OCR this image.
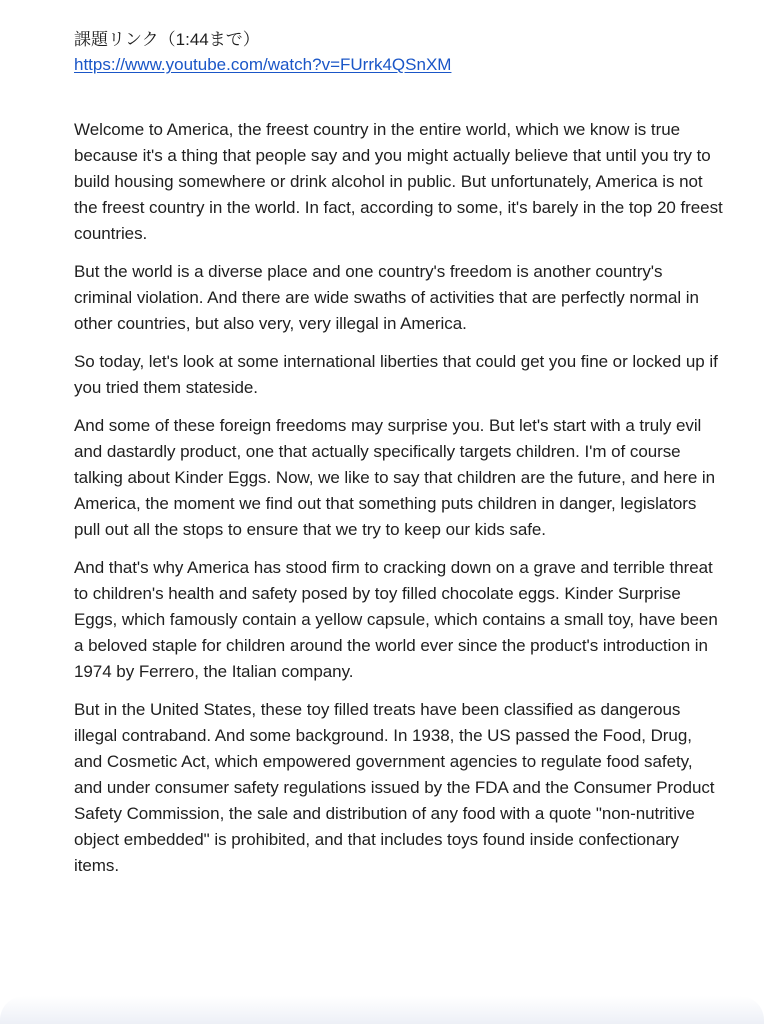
課題リンク（1:44まで）

https://www.youtube.com/watch?v=FUrrk4QSnXM

Welcome to America, the freest country in the entire world, which we know is true because it's a thing that people say and you might actually believe that until you try to build housing somewhere or drink alcohol in public. But unfortunately, America is not the freest country in the world. In fact, according to some, it's barely in the top 20 freest countries.

But the world is a diverse place and one country's freedom is another country's criminal violation. And there are wide swaths of activities that are perfectly normal in other countries, but also very, very illegal in America.

So today, let's look at some international liberties that could get you fine or locked up if you tried them stateside.

And some of these foreign freedoms may surprise you. But let's start with a truly evil and dastardly product, one that actually specifically targets children. I'm of course talking about Kinder Eggs. Now, we like to say that children are the future, and here in America, the moment we find out that something puts children in danger, legislators pull out all the stops to ensure that we try to keep our kids safe.

And that's why America has stood firm to cracking down on a grave and terrible threat to children's health and safety posed by toy filled chocolate eggs. Kinder Surprise Eggs, which famously contain a yellow capsule, which contains a small toy, have been a beloved staple for children around the world ever since the product's introduction in 1974 by Ferrero, the Italian company.

But in the United States, these toy filled treats have been classified as dangerous illegal contraband. And some background. In 1938, the US passed the Food, Drug, and Cosmetic Act, which empowered government agencies to regulate food safety, and under consumer safety regulations issued by the FDA and the Consumer Product Safety Commission, the sale and distribution of any food with a quote "non-nutritive object embedded" is prohibited, and that includes toys found inside confectionary items.
